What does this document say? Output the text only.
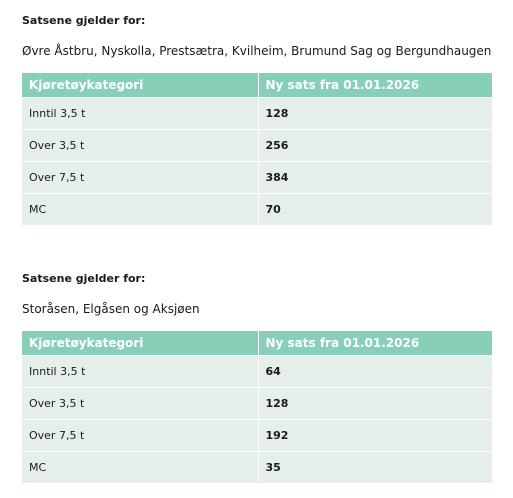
Satsene gjelder for:
Øvre Åstbru, Nyskolla, Prestsætra, Kvilheim, Brumund Sag og Bergundhaugen
Kjøretøykategori	Ny sats fra 01.01.2026
Inntil 3,5 t	128
Over 3,5 t	256
Over 7,5 t	384
MC	70
Satsene gjelder for:
Storåsen, Elgåsen og Aksjøen
Kjøretøykategori	Ny sats fra 01.01.2026
Inntil 3,5 t	64
Over 3,5 t	128
Over 7,5 t	192
MC	35
